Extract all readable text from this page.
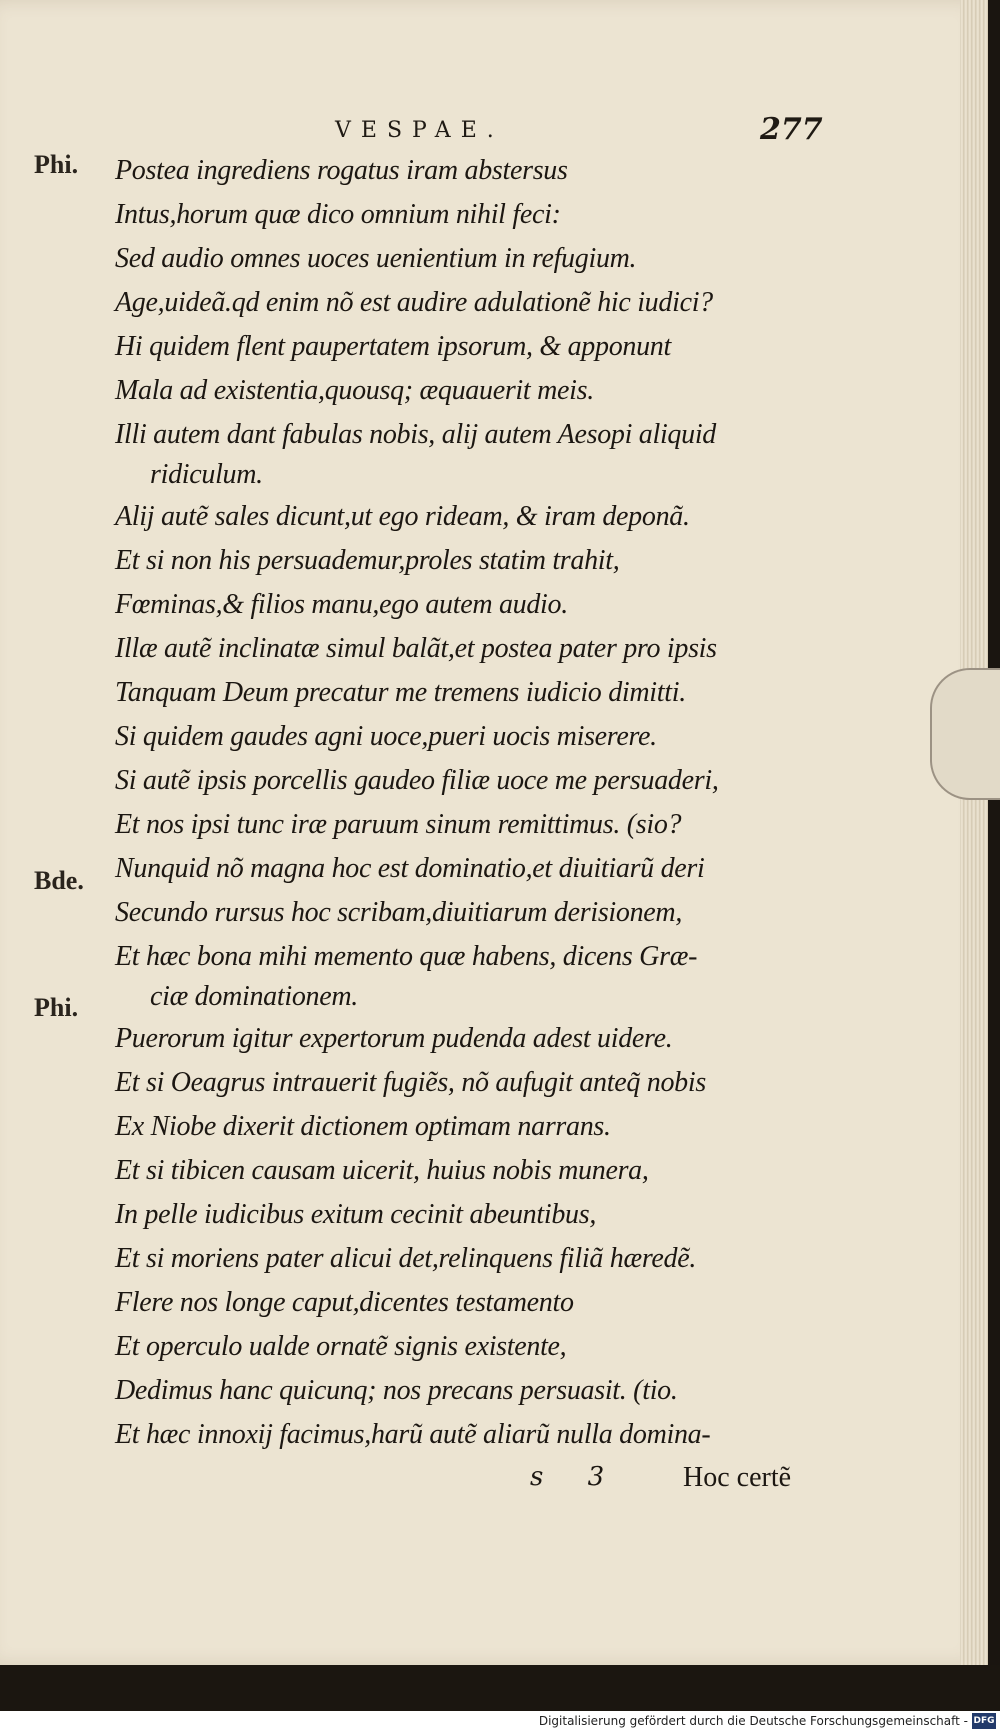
VESPAE.	277
Phi.
Bde.
Phi.
Postea ingrediens rogatus iram abstersus
Intus,horum quæ dico omnium nihil feci:
Sed audio omnes uoces uenientium in refugium.
Age,uideã.qd enim nõ est audire adulationẽ hic iudici?
Hi quidem flent paupertatem ipsorum, & apponunt
Mala ad existentia,quousq; æquauerit meis.
Illi autem dant fabulas nobis, alij autem Aesopi aliquid
ridiculum.
Alij autẽ sales dicunt,ut ego rideam, & iram deponã.
Et si non his persuademur,proles statim trahit,
Fœminas,& filios manu,ego autem audio.
Illæ autẽ inclinatæ simul balãt,et postea pater pro ipsis
Tanquam Deum precatur me tremens iudicio dimitti.
Si quidem gaudes agni uoce,pueri uocis miserere.
Si autẽ ipsis porcellis gaudeo filiæ uoce me persuaderi,
Et nos ipsi tunc iræ paruum sinum remittimus. (sio?
Nunquid nõ magna hoc est dominatio,et diuitiarũ deri
Secundo rursus hoc scribam,diuitiarum derisionem,
Et hæc bona mihi memento quæ habens, dicens Græ-
ciæ dominationem.
Puerorum igitur expertorum pudenda adest uidere.
Et si Oeagrus intrauerit fugiẽs, nõ aufugit anteq̃ nobis
Ex Niobe dixerit dictionem optimam narrans.
Et si tibicen causam uicerit, huius nobis munera,
In pelle iudicibus exitum cecinit abeuntibus,
Et si moriens pater alicui det,relinquens filiã hæredẽ.
Flere nos longe caput,dicentes testamento
Et operculo ualde ornatẽ signis existente,
Dedimus hanc quicunq; nos precans persuasit. (tio.
Et hæc innoxij facimus,harũ autẽ aliarũ nulla domina-
s 3 Hoc certẽ
Digitalisierung gefördert durch die Deutsche Forschungsgemeinschaft - DFG
